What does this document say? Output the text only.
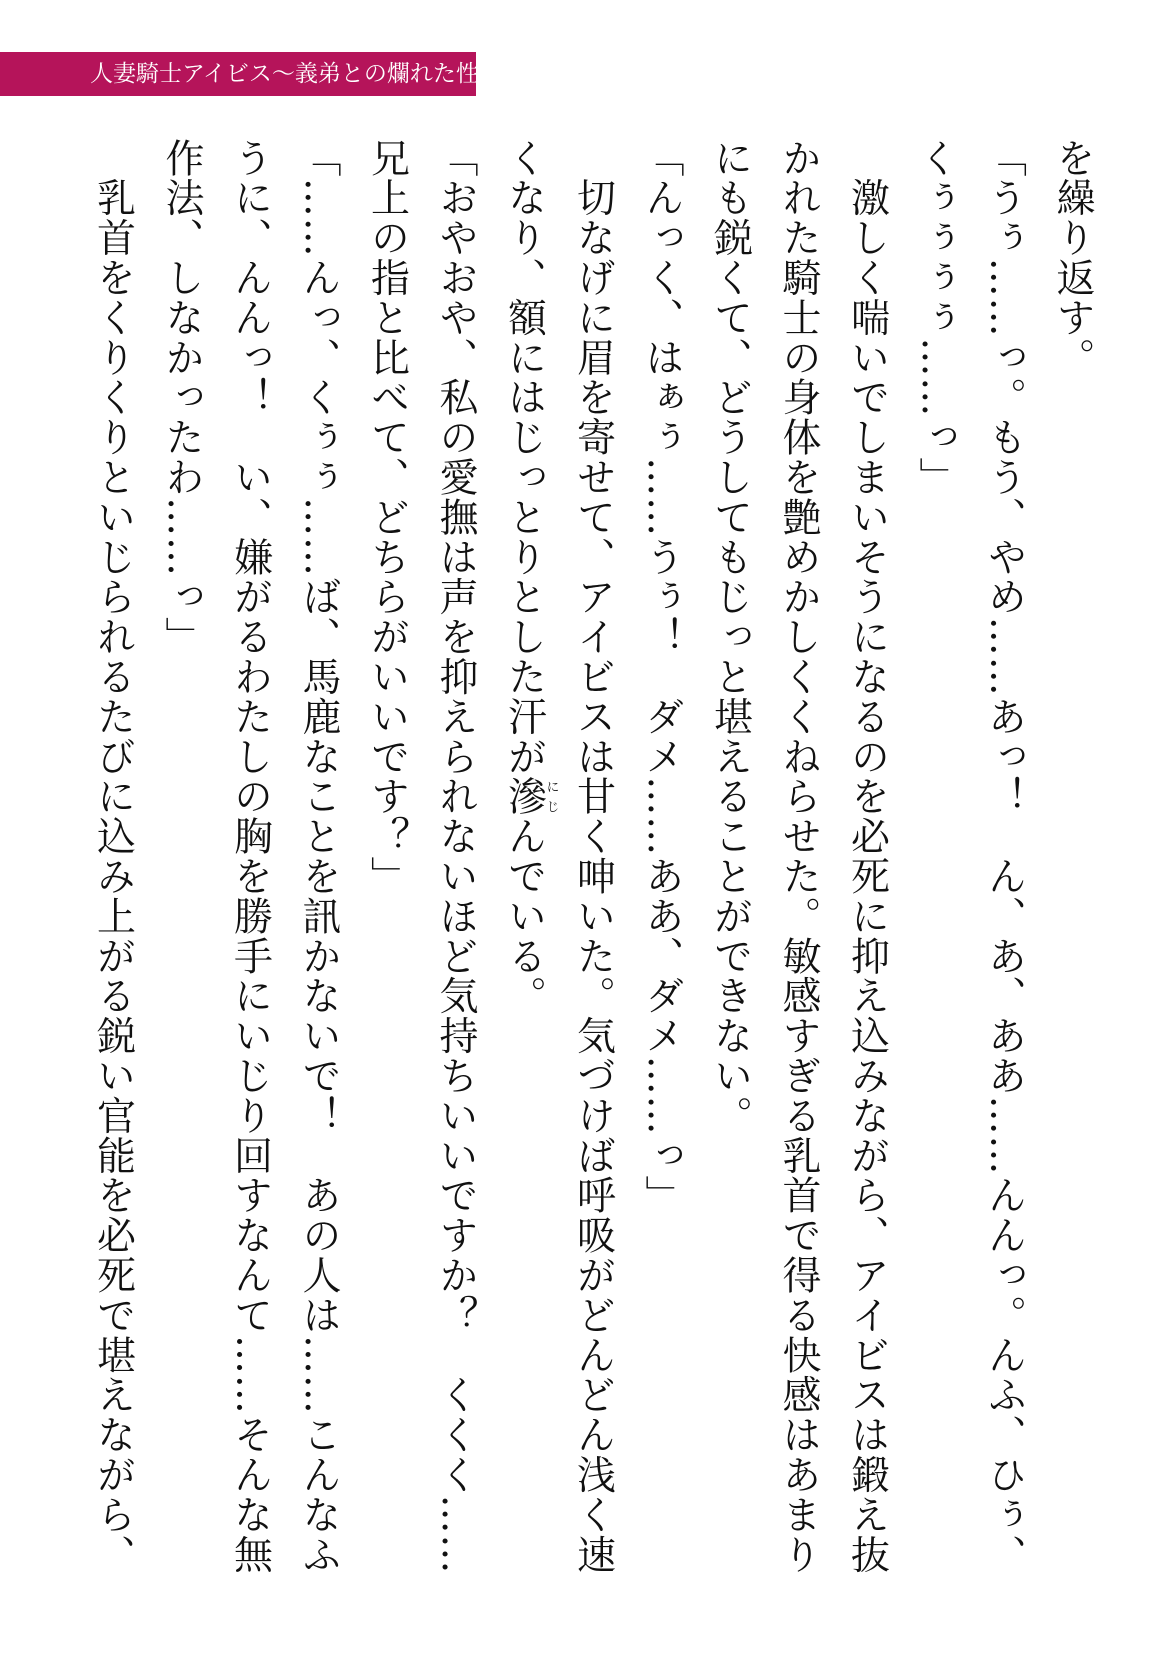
人妻騎士アイビス〜義弟との爛れた性活〜
を繰り返す。
「うぅ……っ。もう、やめ……あっ！　ん、あ、ああ……んんっ。んふ、ひぅ、
くぅぅぅぅ……っ」
　激しく喘いでしまいそうになるのを必死に抑え込みながら、アイビスは鍛え抜
かれた騎士の身体を艶めかしくくねらせた。敏感すぎる乳首で得る快感はあまり
にも鋭くて、どうしてもじっと堪えることができない。
「んっく、はぁぅ……うぅ！　ダメ……ああ、ダメ……っ」
　切なげに眉を寄せて、アイビスは甘く呻いた。気づけば呼吸がどんどん浅く速
くなり、額にはじっとりとした汗が滲にじんでいる。
「おやおや、私の愛撫は声を抑えられないほど気持ちいいですか？　くくく……
兄上の指と比べて、どちらがいいです？」
「……んっ、くぅぅ……ば、馬鹿なことを訊かないで！　あの人は……こんなふ
うに、んんっ！　い、嫌がるわたしの胸を勝手にいじり回すなんて……そんな無
作法、しなかったわ……っ」
　乳首をくりくりといじられるたびに込み上がる鋭い官能を必死で堪えながら、
